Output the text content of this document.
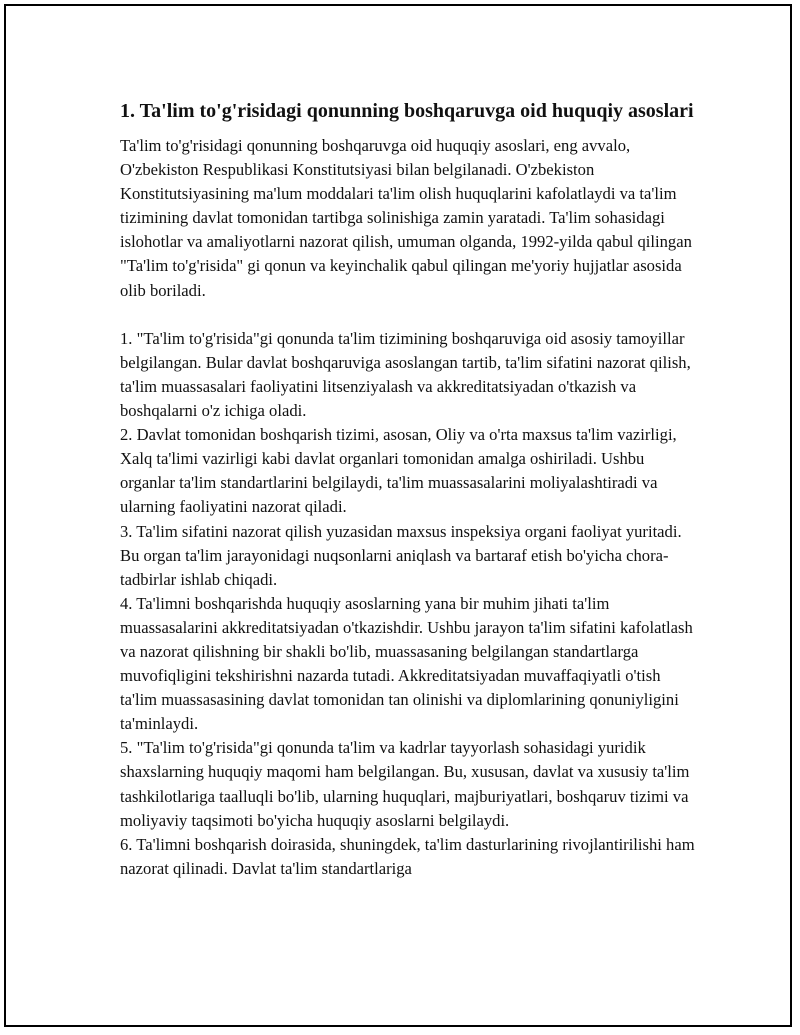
1. Ta'lim to'g'risidagi qonunning boshqaruvga oid huquqiy asoslari

Ta'lim to'g'risidagi qonunning boshqaruvga oid huquqiy asoslari, eng avvalo, O'zbekiston Respublikasi Konstitutsiyasi bilan belgilanadi. O'zbekiston Konstitutsiyasining ma'lum moddalari ta'lim olish huquqlarini kafolatlaydi va ta'lim tizimining davlat tomonidan tartibga solinishiga zamin yaratadi. Ta'lim sohasidagi islohotlar va amaliyotlarni nazorat qilish, umuman olganda, 1992-yilda qabul qilingan "Ta'lim to'g'risida" gi qonun va keyinchalik qabul qilingan me'yoriy hujjatlar asosida olib boriladi.

1. "Ta'lim to'g'risida"gi qonunda ta'lim tizimining boshqaruviga oid asosiy tamoyillar belgilangan. Bular davlat boshqaruviga asoslangan tartib, ta'lim sifatini nazorat qilish, ta'lim muassasalari faoliyatini litsenziyalash va akkreditatsiyadan o'tkazish va boshqalarni o'z ichiga oladi.

2. Davlat tomonidan boshqarish tizimi, asosan, Oliy va o'rta maxsus ta'lim vazirligi, Xalq ta'limi vazirligi kabi davlat organlari tomonidan amalga oshiriladi. Ushbu organlar ta'lim standartlarini belgilaydi, ta'lim muassasalarini moliyalashtiradi va ularning faoliyatini nazorat qiladi.

3. Ta'lim sifatini nazorat qilish yuzasidan maxsus inspeksiya organi faoliyat yuritadi. Bu organ ta'lim jarayonidagi nuqsonlarni aniqlash va bartaraf etish bo'yicha chora-tadbirlar ishlab chiqadi.

4. Ta'limni boshqarishda huquqiy asoslarning yana bir muhim jihati ta'lim muassasalarini akkreditatsiyadan o'tkazishdir. Ushbu jarayon ta'lim sifatini kafolatlash va nazorat qilishning bir shakli bo'lib, muassasaning belgilangan standartlarga muvofiqligini tekshirishni nazarda tutadi. Akkreditatsiyadan muvaffaqiyatli o'tish ta'lim muassasasining davlat tomonidan tan olinishi va diplomlarining qonuniyligini ta'minlaydi.

5. "Ta'lim to'g'risida"gi qonunda ta'lim va kadrlar tayyorlash sohasidagi yuridik shaxslarning huquqiy maqomi ham belgilangan. Bu, xususan, davlat va xususiy ta'lim tashkilotlariga taalluqli bo'lib, ularning huquqlari, majburiyatlari, boshqaruv tizimi va moliyaviy taqsimoti bo'yicha huquqiy asoslarni belgilaydi.

6. Ta'limni boshqarish doirasida, shuningdek, ta'lim dasturlarining rivojlantirilishi ham nazorat qilinadi. Davlat ta'lim standartlariga
